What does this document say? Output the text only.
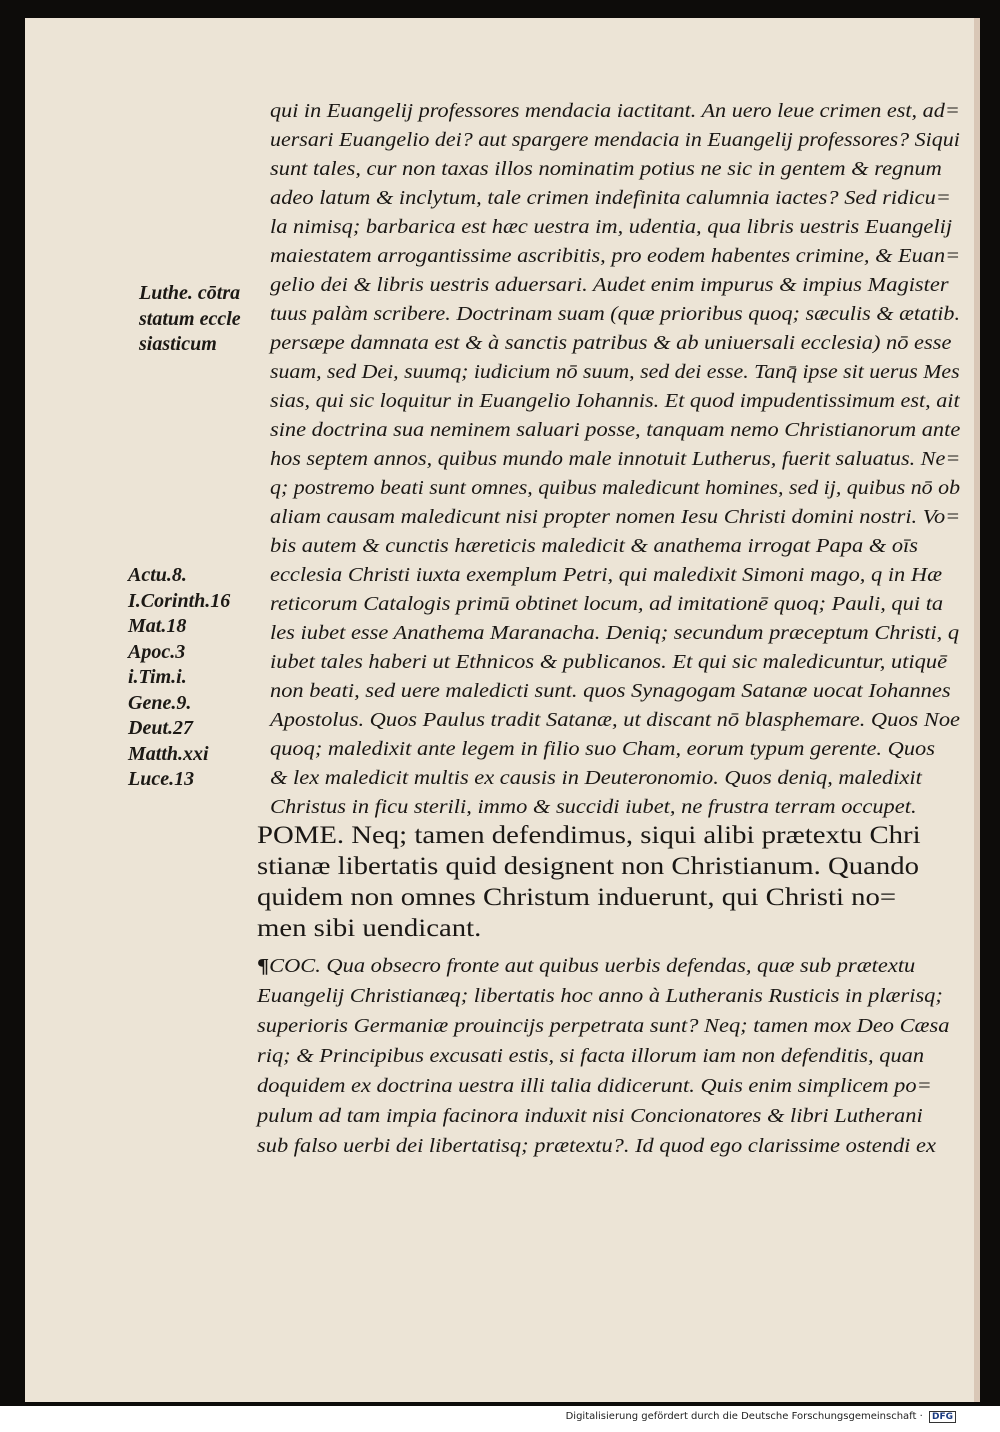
Luthe. cōtra
statum eccle
siasticum
Actu.8.
I.Corinth.16
Mat.18
Apoc.3
i.Tim.i.
Gene.9.
Deut.27
Matth.xxi
Luce.13
qui in Euangelij professores mendacia iactitant. An uero leue crimen est, ad=
uersari Euangelio dei? aut spargere mendacia in Euangelij professores? Siqui
sunt tales, cur non taxas illos nominatim potius ne sic in gentem & regnum
adeo latum & inclytum, tale crimen indefinita calumnia iactes? Sed ridicu=
la nimisq; barbarica est hæc uestra im, udentia, qua libris uestris Euangelij
maiestatem arrogantissime ascribitis, pro eodem habentes crimine, & Euan=
gelio dei & libris uestris aduersari. Audet enim impurus & impius Magister
tuus palàm scribere. Doctrinam suam (quæ prioribus quoq; sæculis & ætatib.
persæpe damnata est & à sanctis patribus & ab uniuersali ecclesia) nō esse
suam, sed Dei, suumq; iudicium nō suum, sed dei esse. Tanq̄ ipse sit uerus Mes
sias, qui sic loquitur in Euangelio Iohannis. Et quod impudentissimum est, ait
sine doctrina sua neminem saluari posse, tanquam nemo Christianorum ante
hos septem annos, quibus mundo male innotuit Lutherus, fuerit saluatus. Ne=
q; postremo beati sunt omnes, quibus maledicunt homines, sed ij, quibus nō ob
aliam causam maledicunt nisi propter nomen Iesu Christi domini nostri. Vo=
bis autem & cunctis hæreticis maledicit & anathema irrogat Papa & oīs
ecclesia Christi iuxta exemplum Petri, qui maledixit Simoni mago, q in Hæ
reticorum Catalogis primū obtinet locum, ad imitationē quoq; Pauli, qui ta
les iubet esse Anathema Maranacha. Deniq; secundum præceptum Christi, q
iubet tales haberi ut Ethnicos & publicanos. Et qui sic maledicuntur, utiquē
non beati, sed uere maledicti sunt. quos Synagogam Satanæ uocat Iohannes
Apostolus. Quos Paulus tradit Satanæ, ut discant nō blasphemare. Quos Noe
quoq; maledixit ante legem in filio suo Cham, eorum typum gerente. Quos
& lex maledicit multis ex causis in Deuteronomio. Quos deniq, maledixit
Christus in ficu sterili, immo & succidi iubet, ne frustra terram occupet.
POME. Neq; tamen defendimus, siqui alibi prætextu Chri
stianæ libertatis quid designent non Christianum. Quando
quidem non omnes Christum induerunt, qui Christi no=
men sibi uendicant.
¶COC. Qua obsecro fronte aut quibus uerbis defendas, quæ sub prætextu
Euangelij Christianæq; libertatis hoc anno à Lutheranis Rusticis in plærisq;
superioris Germaniæ prouincijs perpetrata sunt? Neq; tamen mox Deo Cæsa
riq; & Principibus excusati estis, si facta illorum iam non defenditis, quan
doquidem ex doctrina uestra illi talia didicerunt. Quis enim simplicem po=
pulum ad tam impia facinora induxit nisi Concionatores & libri Lutherani
sub falso uerbi dei libertatisq; prætextu?. Id quod ego clarissime ostendi ex
Digitalisierung gefördert durch die Deutsche Forschungsgemeinschaft · DFG
